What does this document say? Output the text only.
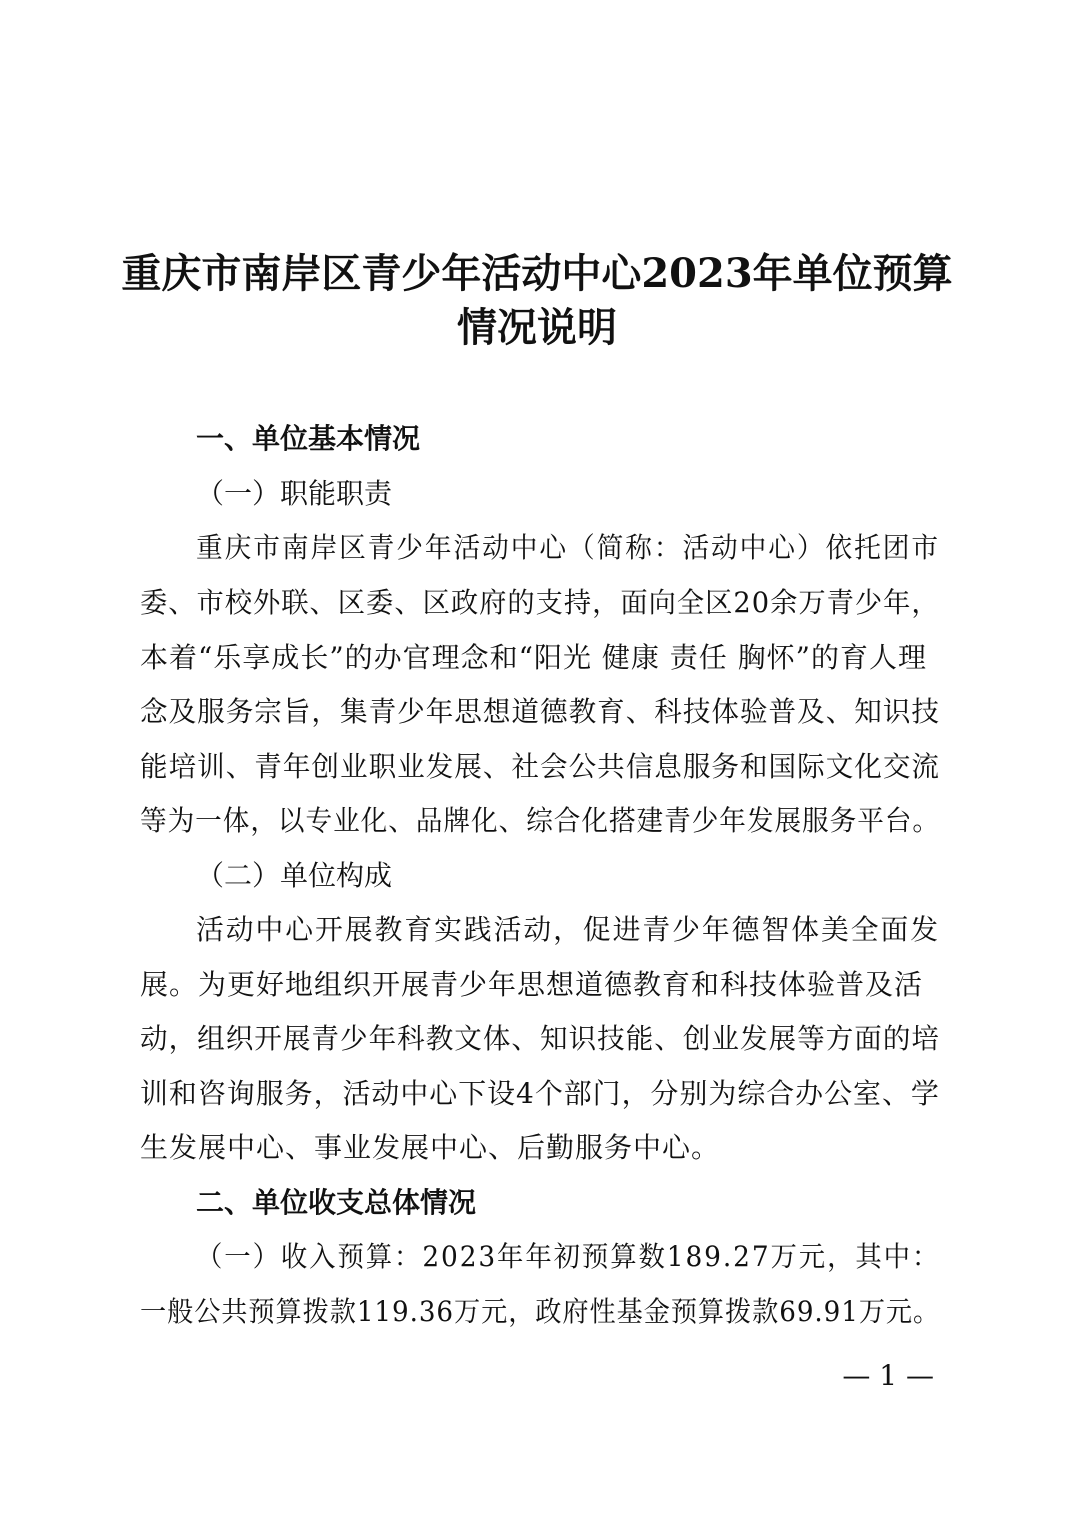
重庆市南岸区青少年活动中心2023年单位预算
情况说明
一、单位基本情况
（一）职能职责
重庆市南岸区青少年活动中心（简称：活动中心）依托团市
委、市校外联、区委、区政府的支持，面向全区20余万青少年，
本着“乐享成长”的办官理念和“阳光 健康 责任 胸怀”的育人理
念及服务宗旨，集青少年思想道德教育、科技体验普及、知识技
能培训、青年创业职业发展、社会公共信息服务和国际文化交流
等为一体，以专业化、品牌化、综合化搭建青少年发展服务平台。
（二）单位构成
活动中心开展教育实践活动，促进青少年德智体美全面发
展。为更好地组织开展青少年思想道德教育和科技体验普及活
动，组织开展青少年科教文体、知识技能、创业发展等方面的培
训和咨询服务，活动中心下设4个部门，分别为综合办公室、学
生发展中心、事业发展中心、后勤服务中心。
二、单位收支总体情况
（一）收入预算：2023年年初预算数189.27万元，其中：
一般公共预算拨款119.36万元，政府性基金预算拨款69.91万元。
— 1 —
